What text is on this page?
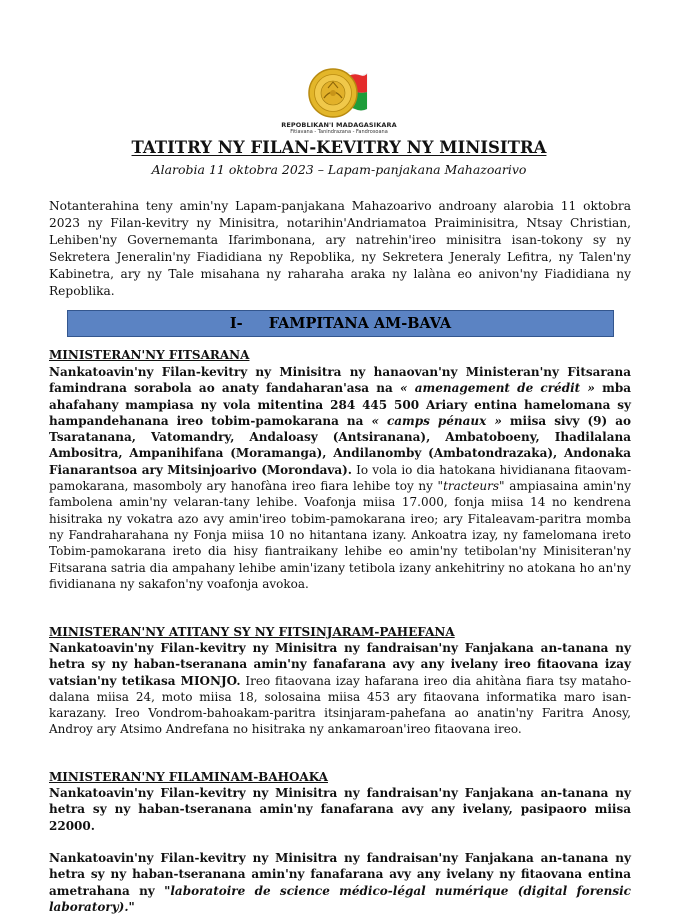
REPOBLIKAN'I MADAGASIKARA
Fitiavana - Tanindrazana - Fandrosoana
TATITRY NY FILAN-KEVITRY NY MINISITRA
Alarobia 11 oktobra 2023 – Lapam-panjakana Mahazoarivo

Notanterahina teny amin'ny Lapam-panjakana Mahazoarivo androany alarobia 11 oktobra 2023 ny Filan-kevitry ny Minisitra, notarihin'Andriamatoa Praiminisitra, Ntsay Christian, Lehiben'ny Governemanta Ifarimbonana, ary natrehin'ireo minisitra isan-tokony sy ny Sekretera Jeneralin'ny Fiadidiana ny Repoblika, ny Sekretera Jeneraly Lefitra, ny Talen'ny Kabinetra, ary ny Tale misahana ny raharaha araka ny lalàna eo anivon'ny Fiadidiana ny Repoblika.

I- FAMPITANA AM-BAVA

MINISTERAN'NY FITSARANA

Nankatoavin'ny Filan-kevitry ny Minisitra ny hanaovan'ny Ministeran'ny Fitsarana famindrana sorabola ao anaty fandaharan'asa na « amenagement de crédit » mba ahafahany mampiasa ny vola mitentina 284 445 500 Ariary entina hamelomana sy hampandehanana ireo tobim-pamokarana na « camps pénaux » miisa sivy (9) ao Tsaratanana, Vatomandry, Andaloasy (Antsiranana), Ambatoboeny, Ihadilalana Ambositra, Ampanihifana (Moramanga), Andilanomby (Ambatondrazaka), Andonaka Fianarantsoa ary Mitsinjoarivo (Morondava). Io vola io dia hatokana hividianana fitaovam-pamokarana, masomboly ary hanofàna ireo fiara lehibe toy ny "tracteurs" ampiasaina amin'ny fambolena amin'ny velaran-tany lehibe. Voafonja miisa 17.000, fonja miisa 14 no kendrena hisitraka ny vokatra azo avy amin'ireo tobim-pamokarana ireo; ary Fitaleavam-paritra momba ny Fandraharahana ny Fonja miisa 10 no hitantana izany. Ankoatra izay, ny famelomana ireto Tobim-pamokarana ireto dia hisy fiantraikany lehibe eo amin'ny tetibolan'ny Minisiteran'ny Fitsarana satria dia ampahany lehibe amin'izany tetibola izany ankehitriny no atokana ho an'ny fividianana ny sakafon'ny voafonja avokoa.

MINISTERAN'NY ATITANY SY NY FITSINJARAM-PAHEFANA

Nankatoavin'ny Filan-kevitry ny Minisitra ny fandraisan'ny Fanjakana an-tanana ny hetra sy ny haban-tseranana amin'ny fanafarana avy any ivelany ireo fitaovana izay vatsian'ny tetikasa MIONJO. Ireo fitaovana izay hafarana ireo dia ahitàna fiara tsy mataho-dalana miisa 24, moto miisa 18, solosaina miisa 453 ary fitaovana informatika maro isan-karazany. Ireo Vondrom-bahoakam-paritra itsinjaram-pahefana ao anatin'ny Faritra Anosy, Androy ary Atsimo Andrefana no hisitraka ny ankamaroan'ireo fitaovana ireo.

MINISTERAN'NY FILAMINAM-BAHOAKA

Nankatoavin'ny Filan-kevitry ny Minisitra ny fandraisan'ny Fanjakana an-tanana ny hetra sy ny haban-tseranana amin'ny fanafarana avy any ivelany, pasipaoro miisa 22000.

Nankatoavin'ny Filan-kevitry ny Minisitra ny fandraisan'ny Fanjakana an-tanana ny hetra sy ny haban-tseranana amin'ny fanafarana avy any ivelany ny fitaovana entina ametrahana ny "laboratoire de science médico-légal numérique (digital forensic laboratory)."
